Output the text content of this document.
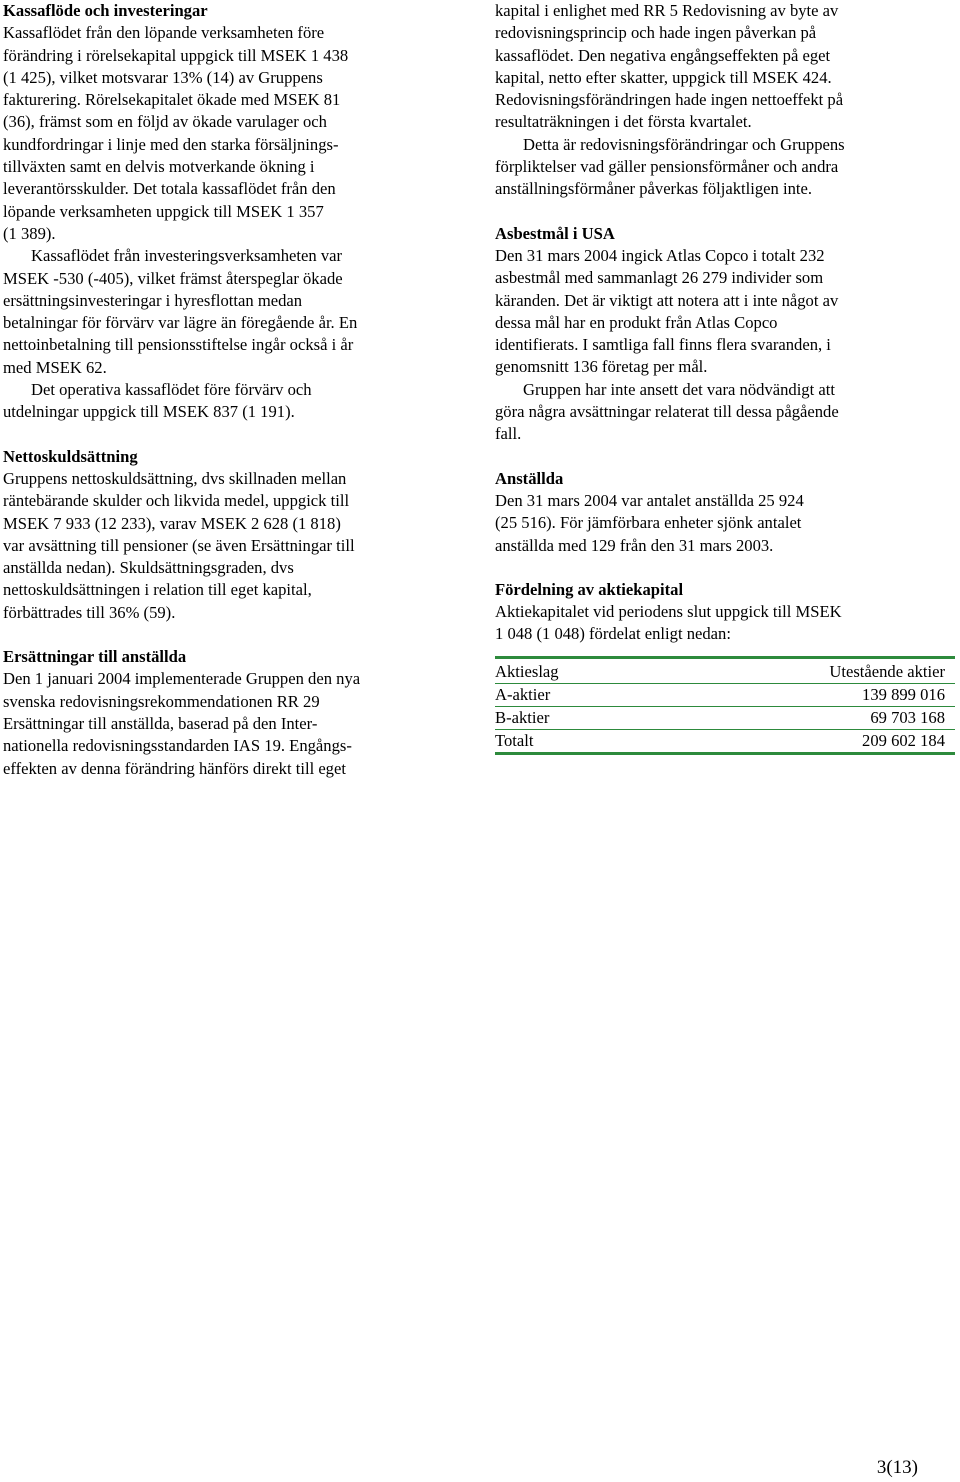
Kassaflöde och investeringar

Kassaflödet från den löpande verksamheten före
förändring i rörelsekapital uppgick till MSEK 1 438
(1 425), vilket motsvarar 13% (14) av Gruppens
fakturering. Rörelsekapitalet ökade med MSEK 81
(36), främst som en följd av ökade varulager och
kundfordringar i linje med den starka försäljnings-
tillväxten samt en delvis motverkande ökning i
leverantörsskulder. Det totala kassaflödet från den
löpande verksamheten uppgick till MSEK 1 357
(1 389).

Kassaflödet från investeringsverksamheten var
MSEK -530 (-405), vilket främst återspeglar ökade
ersättningsinvesteringar i hyresflottan medan
betalningar för förvärv var lägre än föregående år. En
nettoinbetalning till pensionsstiftelse ingår också i år
med MSEK 62.

Det operativa kassaflödet före förvärv och
utdelningar uppgick till MSEK 837 (1 191).

Nettoskuldsättning

Gruppens nettoskuldsättning, dvs skillnaden mellan
räntebärande skulder och likvida medel, uppgick till
MSEK 7 933 (12 233), varav MSEK 2 628 (1 818)
var avsättning till pensioner (se även Ersättningar till
anställda nedan). Skuldsättningsgraden, dvs
nettoskuldsättningen i relation till eget kapital,
förbättrades till 36% (59).

Ersättningar till anställda

Den 1 januari 2004 implementerade Gruppen den nya
svenska redovisningsrekommendationen RR 29
Ersättningar till anställda, baserad på den Inter-
nationella redovisningsstandarden IAS 19. Engångs-
effekten av denna förändring hänförs direkt till eget

kapital i enlighet med RR 5 Redovisning av byte av
redovisningsprincip och hade ingen påverkan på
kassaflödet. Den negativa engångseffekten på eget
kapital, netto efter skatter, uppgick till MSEK 424.
Redovisningsförändringen hade ingen nettoeffekt på
resultaträkningen i det första kvartalet.

Detta är redovisningsförändringar och Gruppens
förpliktelser vad gäller pensionsförmåner och andra
anställningsförmåner påverkas följaktligen inte.

Asbestmål i USA

Den 31 mars 2004 ingick Atlas Copco i totalt 232
asbestmål med sammanlagt 26 279 individer som
käranden. Det är viktigt att notera att i inte något av
dessa mål har en produkt från Atlas Copco
identifierats. I samtliga fall finns flera svaranden, i
genomsnitt 136 företag per mål.

Gruppen har inte ansett det vara nödvändigt att
göra några avsättningar relaterat till dessa pågående
fall.

Anställda

Den 31 mars 2004 var antalet anställda 25 924
(25 516). För jämförbara enheter sjönk antalet
anställda med 129 från den 31 mars 2003.

Fördelning av aktiekapital

Aktiekapitalet vid periodens slut uppgick till MSEK
1 048 (1 048) fördelat enligt nedan:

Aktieslag	Utestående aktier
A-aktier	139 899 016
B-aktier	69 703 168
Totalt	209 602 184
3(13)
